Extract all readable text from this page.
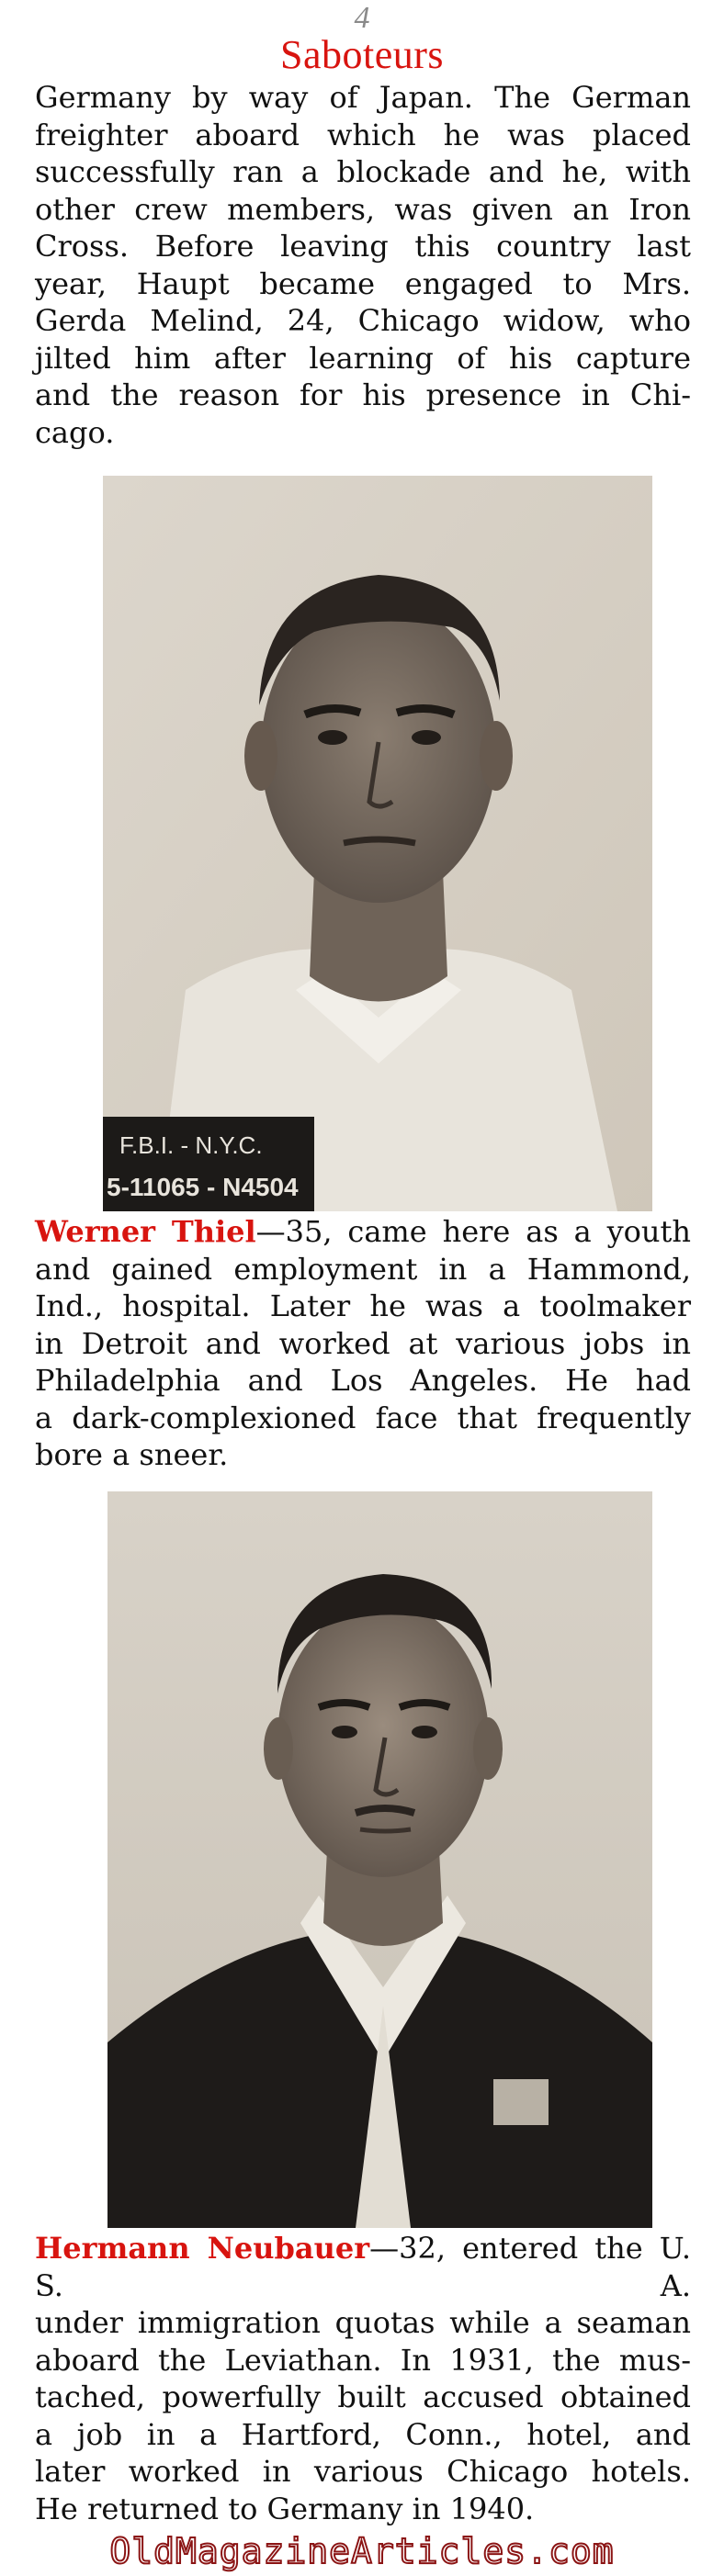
4
Saboteurs
Germany by way of Japan. The German
freighter aboard which he was placed
successfully ran a blockade and he, with
other crew members, was given an Iron
Cross. Before leaving this country last
year, Haupt became engaged to Mrs.
Gerda Melind, 24, Chicago widow, who
jilted him after learning of his capture
and the reason for his presence in Chi-
cago.
F.B.I. - N.Y.C.
5-11065 - N4504
Werner Thiel—35, came here as a youth
and gained employment in a Hammond,
Ind., hospital. Later he was a toolmaker
in Detroit and worked at various jobs in
Philadelphia and Los Angeles. He had
a dark-complexioned face that frequently
bore a sneer.
Hermann Neubauer—32, entered the U. S. A.
under immigration quotas while a seaman
aboard the Leviathan. In 1931, the mus-
tached, powerfully built accused obtained
a job in a Hartford, Conn., hotel, and
later worked in various Chicago hotels.
He returned to Germany in 1940.
OldMagazineArticles.com
